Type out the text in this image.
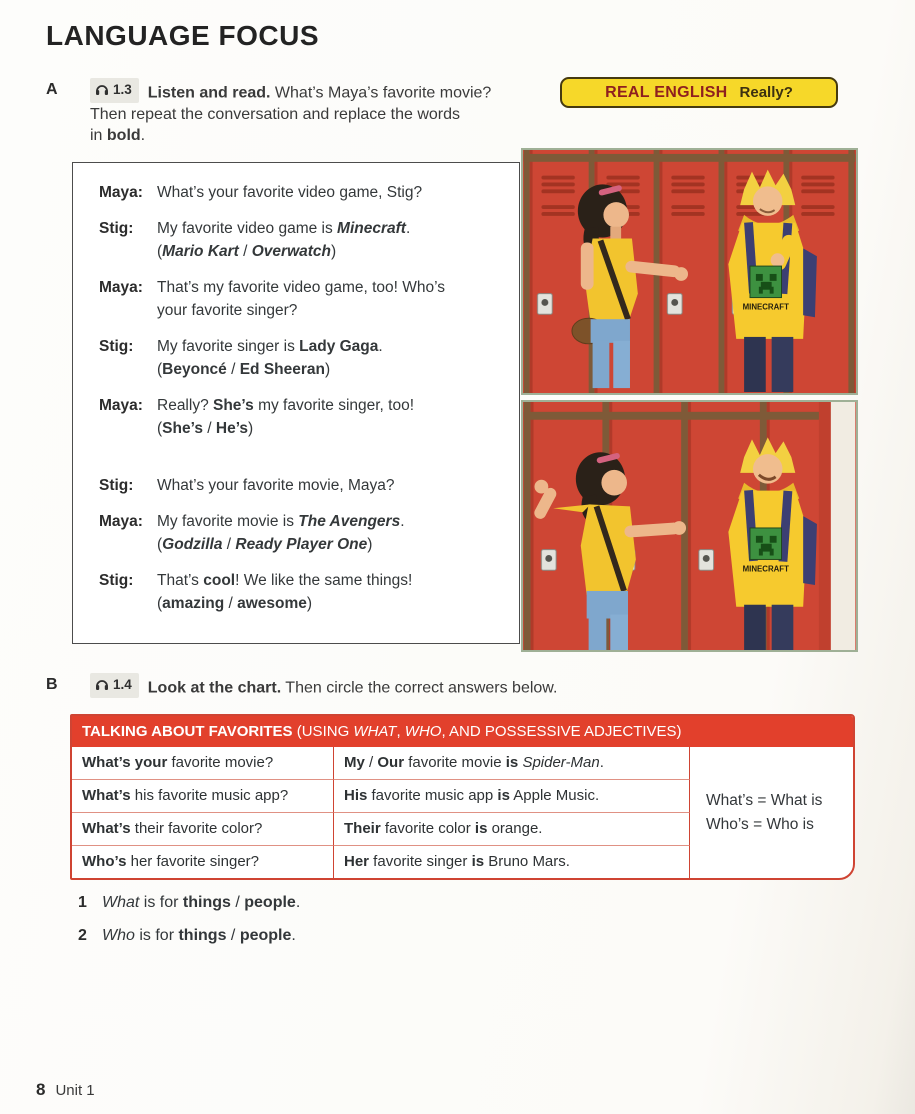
LANGUAGE FOCUS
A	1.3 Listen and read. What’s Maya’s favorite movie?
Then repeat the conversation and replace the words
in bold.

REAL ENGLISH Really?
Maya: What’s your favorite video game, Stig?
Stig:	My favorite video game is Minecraft.
(Mario Kart / Overwatch)
Maya: That’s my favorite video game, too! Who’s
your favorite singer?
Stig:	My favorite singer is Lady Gaga.
(Beyoncé / Ed Sheeran)
Maya: Really? She’s my favorite singer, too!
(She’s / He’s)
Stig:	What’s your favorite movie, Maya?
Maya: My favorite movie is The Avengers.
(Godzilla / Ready Player One)
Stig:	That’s cool! We like the same things!
(amazing / awesome)
MINECRAFT
MINECRAFT
B	1.4 Look at the chart. Then circle the correct answers below.

TALKING ABOUT FAVORITES (USING WHAT, WHO, AND POSSESSIVE ADJECTIVES)
What’s = What is
Who’s = Who is
What’s your favorite movie?	My / Our favorite movie is Spider-Man.
What’s his favorite music app?	His favorite music app is Apple Music.
What’s their favorite color?	Their favorite color is orange.
Who’s her favorite singer?	Her favorite singer is Bruno Mars.
1 What is for things / people.
2 Who is for things / people.
8 Unit 1
